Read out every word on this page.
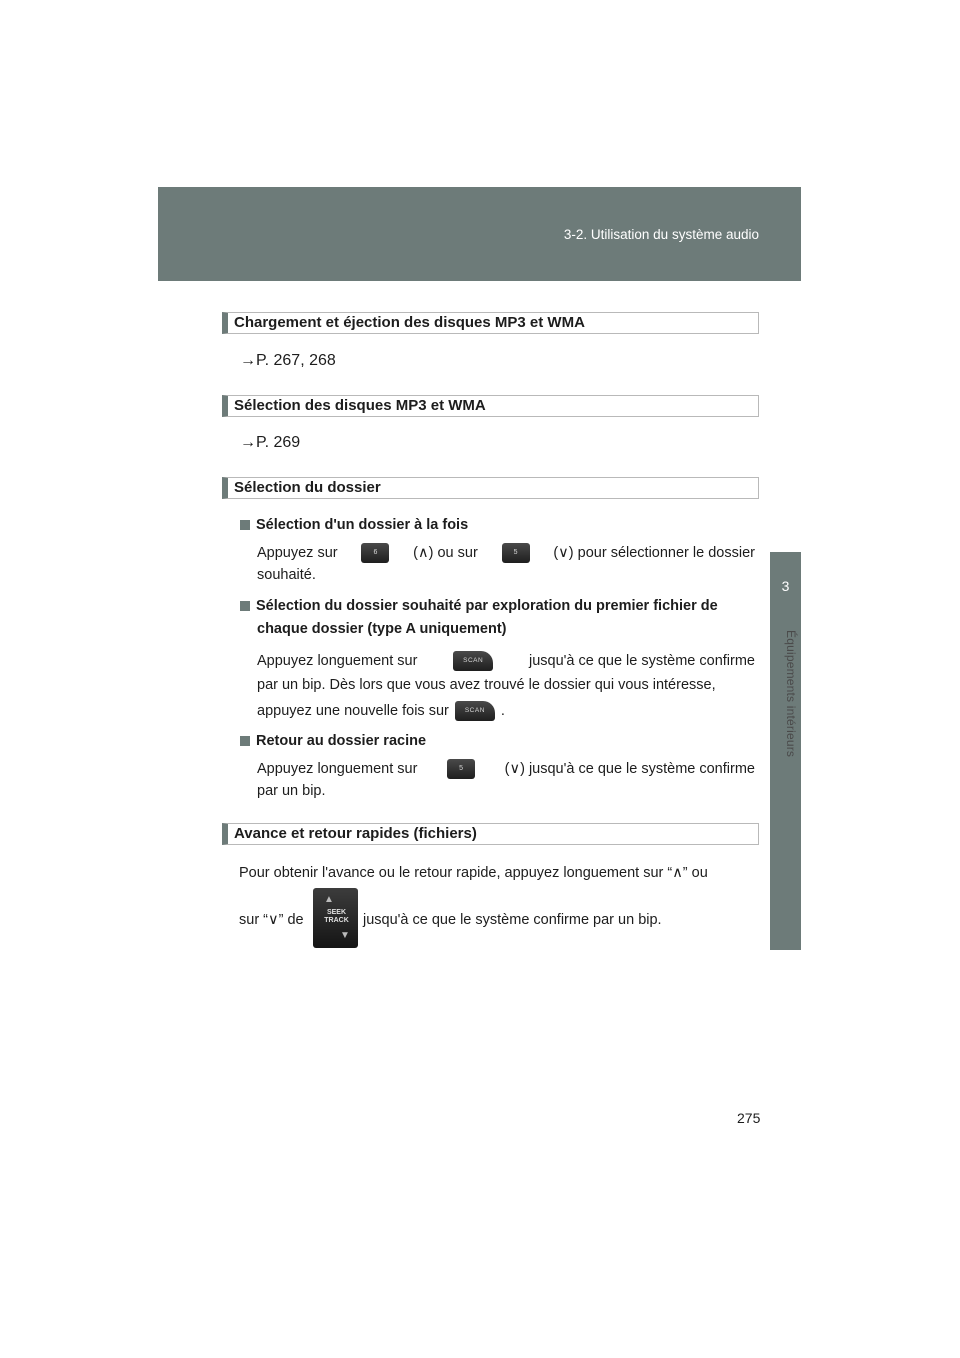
3-2. Utilisation du système audio
3
Équipements intérieurs
Chargement et éjection des disques MP3 et WMA
→P. 267, 268
Sélection des disques MP3 et WMA
→P. 269
Sélection du dossier
Sélection d'un dossier à la fois
Appuyez sur	6	(∧) ou sur	5	(∨) pour sélectionner le dossier
souhaité.
Sélection du dossier souhaité par exploration du premier fichier de
chaque dossier (type A uniquement)
Appuyez longuement sur	SCAN	jusqu'à ce que le système confirme
par un bip. Dès lors que vous avez trouvé le dossier qui vous intéresse,
appuyez une nouvelle fois sur	SCAN	.
Retour au dossier racine
Appuyez longuement sur	5	(∨) jusqu'à ce que le système confirme
par un bip.
Avance et retour rapides (fichiers)
Pour obtenir l'avance ou le retour rapide, appuyez longuement sur “∧” ou
sur “∨” de
▲
SEEK
TRACK
▼
jusqu'à ce que le système confirme par un bip.
275
